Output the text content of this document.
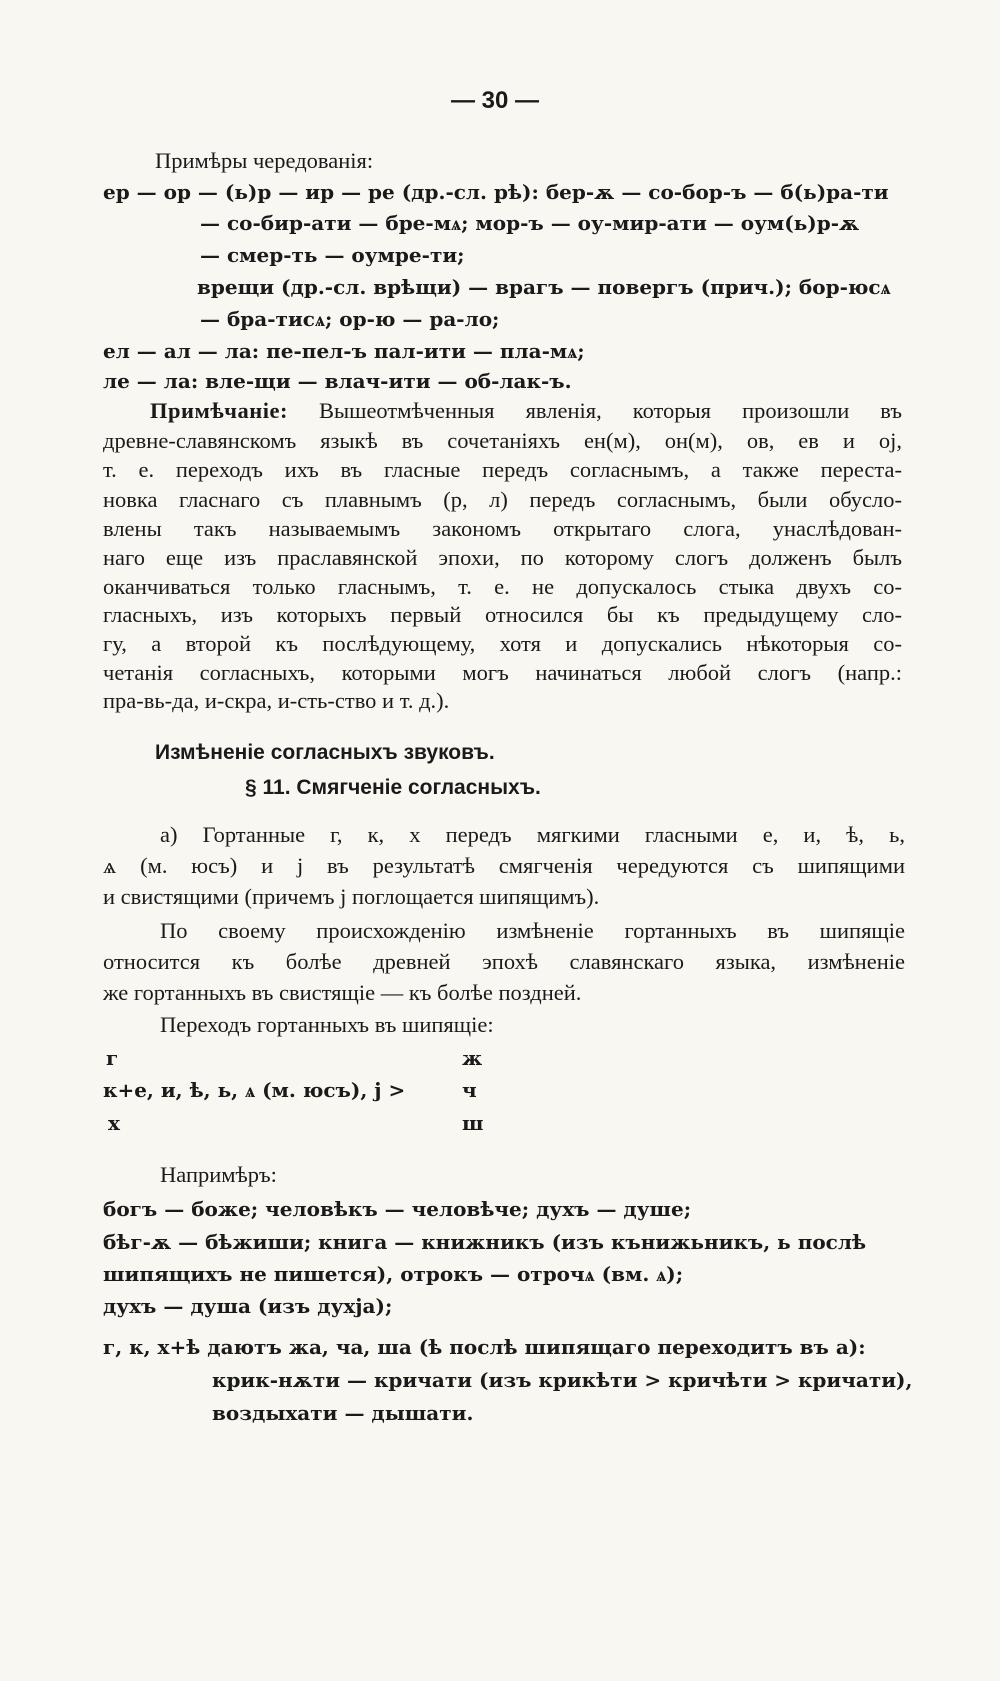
— 30 —
Примѣры чередованія:
ер — ор — (ь)р — ир — ре (др.-сл. рѣ): бер-ѫ — со-бор-ъ — б(ь)ра-ти
— со-бир-ати — бре-мѧ; мор-ъ — оу-мир-ати — оум(ь)р-ѫ
— смер-ть — оумре-ти;
врещи (др.-сл. врѣщи) — врагъ — повергъ (прич.); бор-юсѧ
— бра-тисѧ; ор-ю — ра-ло;
ел — ал — ла: пе-пел-ъ пал-ити — пла-мѧ;
ле — ла: вле-щи — влач-ити — об-лак-ъ.
Примѣчаніе: Вышеотмѣченныя явленія, которыя произошли въ
древне-славянскомъ языкѣ въ сочетаніяхъ ен(м), он(м), ов, ев и оj,
т. е. переходъ ихъ въ гласные передъ согласнымъ, а также переста-
новка гласнаго съ плавнымъ (р, л) передъ согласнымъ, были обусло-
влены такъ называемымъ закономъ открытаго слога, унаслѣдован-
наго еще изъ праславянской эпохи, по которому слогъ долженъ былъ
оканчиваться только гласнымъ, т. е. не допускалось стыка двухъ со-
гласныхъ, изъ которыхъ первый относился бы къ предыдущему сло-
гу, а второй къ послѣдующему, хотя и допускались нѣкоторыя со-
четанія согласныхъ, которыми могъ начинаться любой слогъ (напр.:
пра-вь-да, и-скра, и-сть-ство и т. д.).
Измѣненіе согласныхъ звуковъ.
§ 11. Смягченіе согласныхъ.
а) Гортанные г, к, х передъ мягкими гласными е, и, ѣ, ь,
ѧ (м. юсъ) и j въ результатѣ смягченія чередуются съ шипящими
и свистящими (причемъ j поглощается шипящимъ).
По своему происхожденію измѣненіе гортанныхъ въ шипящіе
относится къ болѣе древней эпохѣ славянскаго языка, измѣненіе
же гортанныхъ въ свистящіе — къ болѣе поздней.
Переходъ гортанныхъ въ шипящіе:
г
к+е, и, ѣ, ь, ѧ (м. юсъ), j >
х
ж
ч
ш
Напримѣръ:
богъ — боже; человѣкъ — человѣче; духъ — душе;
бѣг-ѫ — бѣжиши; книга — книжникъ (изъ кънижьникъ, ь послѣ
шипящихъ не пишется), отрокъ — отрочѧ (вм. ѧ);
духъ — душа (изъ духја);
г, к, х+ѣ даютъ жа, ча, ша (ѣ послѣ шипящаго переходитъ въ а):
крик-нѫти — кричати (изъ крикѣти > кричѣти > кричати),
воздыхати — дышати.
